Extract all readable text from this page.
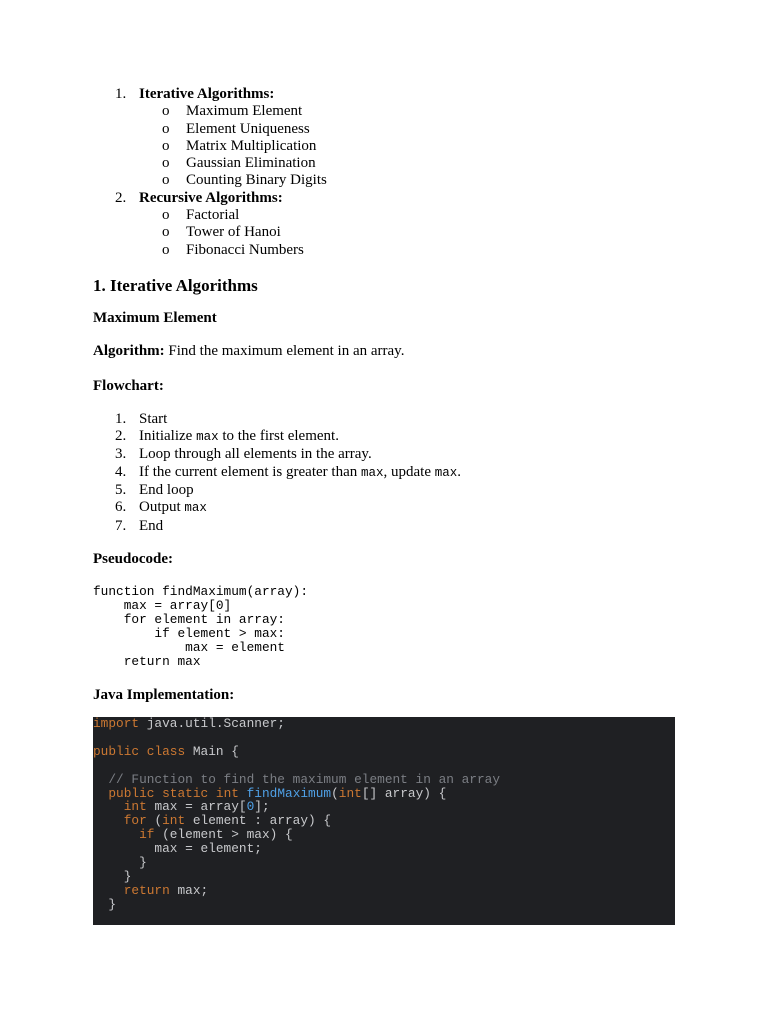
1. Iterative Algorithms:
o Maximum Element
o Element Uniqueness
o Matrix Multiplication
o Gaussian Elimination
o Counting Binary Digits
2. Recursive Algorithms:
o Factorial
o Tower of Hanoi
o Fibonacci Numbers
1. Iterative Algorithms
Maximum Element
Algorithm: Find the maximum element in an array.
Flowchart:
1. Start
2. Initialize max to the first element.
3. Loop through all elements in the array.
4. If the current element is greater than max, update max.
5. End loop
6. Output max
7. End
Pseudocode:
function findMaximum(array):
max = array[0]
for element in array:
if element > max:
max = element
return max
Java Implementation:
import java.util.Scanner;

public class Main {

// Function to find the maximum element in an array
public static int findMaximum(int[] array) {
int max = array[0];
for (int element : array) {
if (element > max) {
max = element;
}
}
return max;
}
